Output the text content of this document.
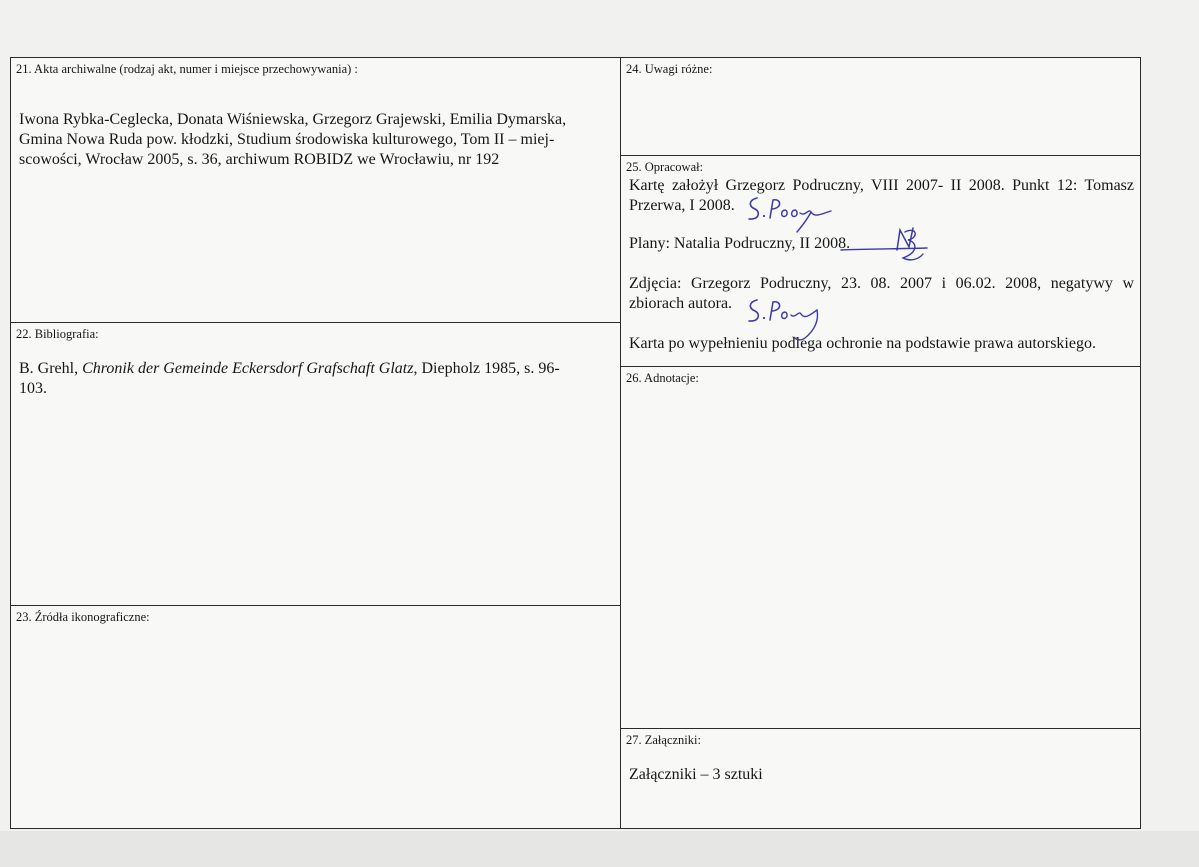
21. Akta archiwalne (rodzaj akt, numer i miejsce przechowywania) :
Iwona Rybka-Ceglecka, Donata Wiśniewska, Grzegorz Grajewski, Emilia Dymarska,
Gmina Nowa Ruda pow. kłodzki, Studium środowiska kulturowego, Tom II – miej-
scowości, Wrocław 2005, s. 36, archiwum ROBIDZ we Wrocławiu, nr 192
22. Bibliografia:
B. Grehl, Chronik der Gemeinde Eckersdorf Grafschaft Glatz, Diepholz 1985, s. 96-
103.
23. Źródła ikonograficzne:
24. Uwagi różne:
25. Opracował:
Kartę założył Grzegorz Podruczny, VIII 2007- II 2008. Punkt 12: Tomasz
Przerwa, I 2008.
Plany: Natalia Podruczny, II 2008.
Zdjęcia: Grzegorz Podruczny, 23. 08. 2007 i 06.02. 2008, negatywy w
zbiorach autora.
Karta po wypełnieniu podlega ochronie na podstawie prawa autorskiego.
26. Adnotacje:
27. Załączniki:
Załączniki – 3 sztuki
